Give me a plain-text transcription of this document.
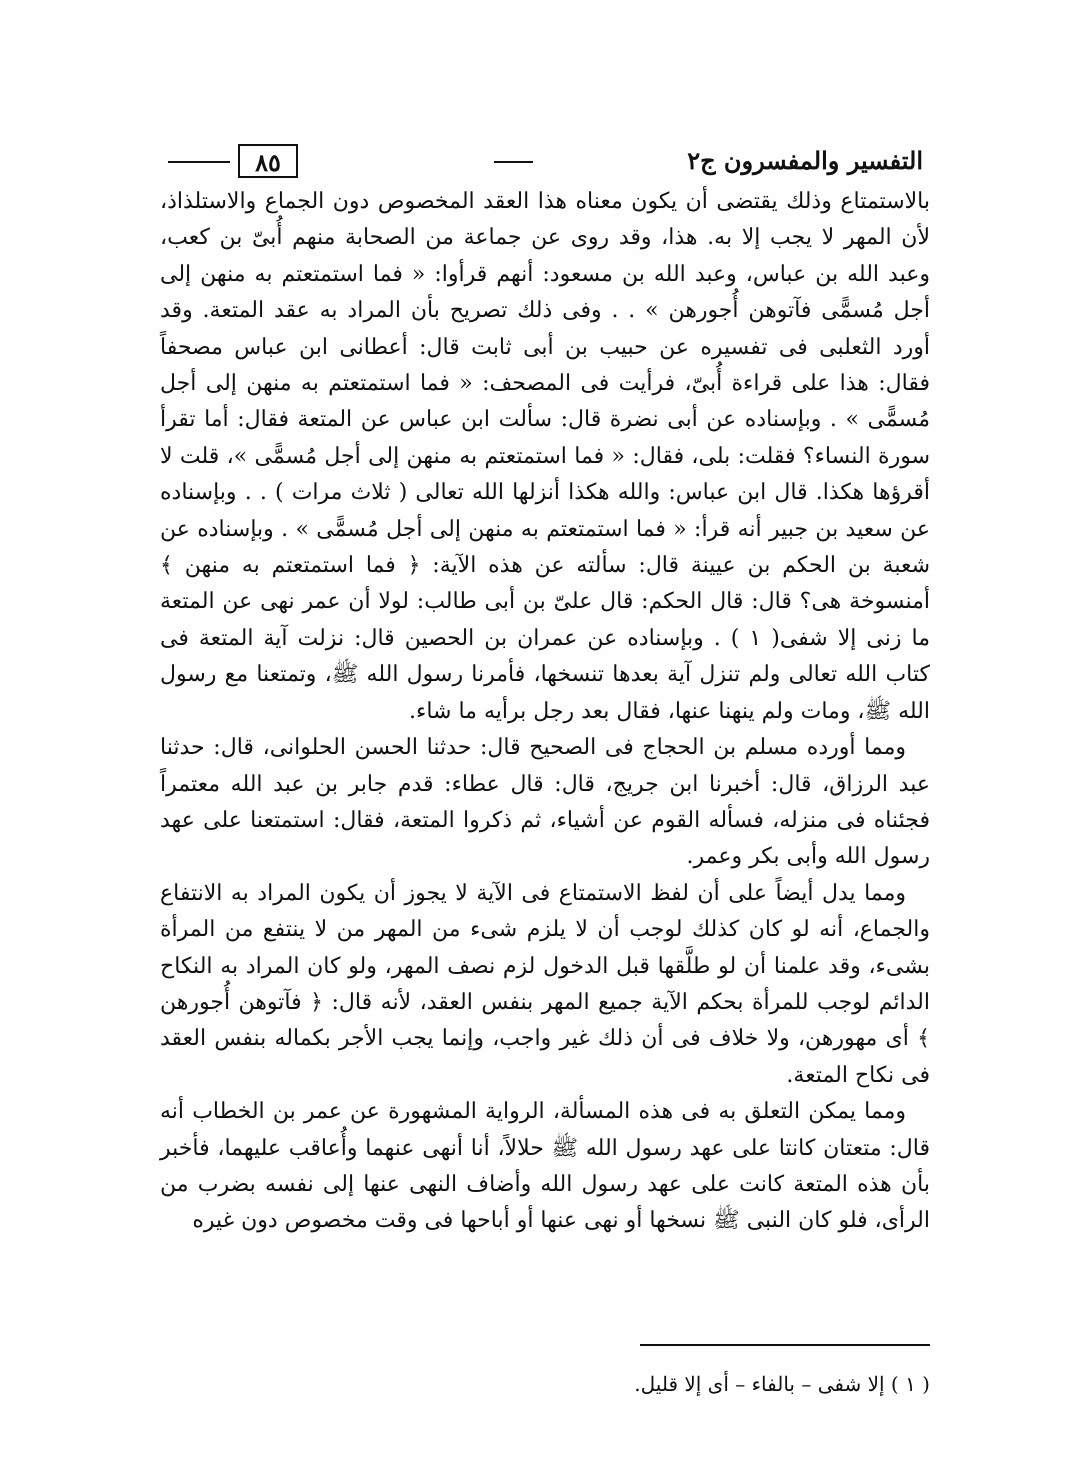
التفسير والمفسرون ج٢
٨٥

بالاستمتاع وذلك يقتضى أن يكون معناه هذا العقد المخصوص دون الجماع والاستلذاذ، لأن المهر لا يجب إلا به. هذا، وقد روى عن جماعة من الصحابة منهم أُبىّ بن كعب، وعبد الله بن عباس، وعبد الله بن مسعود: أنهم قرأوا: « فما استمتعتم به منهن إلى أجل مُسمًّى فآتوهن أُجورهن » . . وفى ذلك تصريح بأن المراد به عقد المتعة. وقد أورد الثعلبى فى تفسيره عن حبيب بن أبى ثابت قال: أعطانى ابن عباس مصحفاً فقال: هذا على قراءة أُبىّ، فرأيت فى المصحف: « فما استمتعتم به منهن إلى أجل مُسمًّى » . وبإسناده عن أبى نضرة قال: سألت ابن عباس عن المتعة فقال: أما تقرأ سورة النساء؟ فقلت: بلى، فقال: « فما استمتعتم به منهن إلى أجل مُسمًّى »، قلت لا أقرؤها هكذا. قال ابن عباس: والله هكذا أنزلها الله تعالى ( ثلاث مرات ) . . وبإسناده عن سعيد بن جبير أنه قرأ: « فما استمتعتم به منهن إلى أجل مُسمًّى » . وبإسناده عن شعبة بن الحكم بن عيينة قال: سألته عن هذه الآية: ﴿ فما استمتعتم به منهن ﴾ أمنسوخة هى؟ قال: قال الحكم: قال علىّ بن أبى طالب: لولا أن عمر نهى عن المتعة ما زنى إلا شفى( ١ ) . وبإسناده عن عمران بن الحصين قال: نزلت آية المتعة فى كتاب الله تعالى ولم تنزل آية بعدها تنسخها، فأمرنا رسول الله ﷺ، وتمتعنا مع رسول الله ﷺ، ومات ولم ينهنا عنها، فقال بعد رجل برأيه ما شاء.

ومما أورده مسلم بن الحجاج فى الصحيح قال: حدثنا الحسن الحلوانى، قال: حدثنا عبد الرزاق، قال: أخبرنا ابن جريج، قال: قال عطاء: قدم جابر بن عبد الله معتمراً فجئناه فى منزله، فسأله القوم عن أشياء، ثم ذكروا المتعة، فقال: استمتعنا على عهد رسول الله وأبى بكر وعمر.

ومما يدل أيضاً على أن لفظ الاستمتاع فى الآية لا يجوز أن يكون المراد به الانتفاع والجماع، أنه لو كان كذلك لوجب أن لا يلزم شىء من المهر من لا ينتفع من المرأة بشىء، وقد علمنا أن لو طلَّقها قبل الدخول لزم نصف المهر، ولو كان المراد به النكاح الدائم لوجب للمرأة بحكم الآية جميع المهر بنفس العقد، لأنه قال: ﴿ فآتوهن أُجورهن ﴾ أى مهورهن، ولا خلاف فى أن ذلك غير واجب، وإنما يجب الأجر بكماله بنفس العقد فى نكاح المتعة.

ومما يمكن التعلق به فى هذه المسألة، الرواية المشهورة عن عمر بن الخطاب أنه قال: متعتان كانتا على عهد رسول الله ﷺ حلالاً، أنا أنهى عنهما وأُعاقب عليهما، فأخبر بأن هذه المتعة كانت على عهد رسول الله وأضاف النهى عنها إلى نفسه بضرب من الرأى، فلو كان النبى ﷺ نسخها أو نهى عنها أو أباحها فى وقت مخصوص دون غيره

( ١ ) إلا شفى – بالفاء – أى إلا قليل.
